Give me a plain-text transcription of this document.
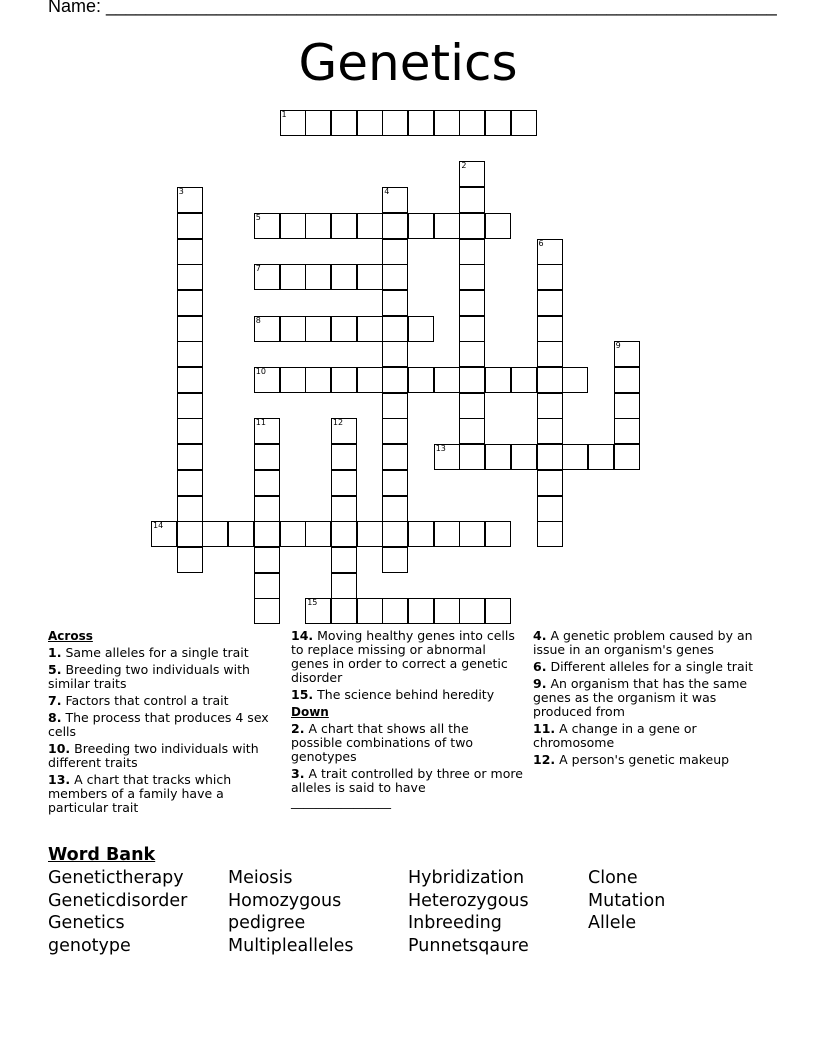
Name: ___________________________________________________________________
Genetics
1
5
7
8
10
13
14
15
2
3	4
6
9
11	12
Across
1. Same alleles for a single trait
5. Breeding two individuals with similar traits
7. Factors that control a trait
8. The process that produces 4 sex cells
10. Breeding two individuals with different traits
13. A chart that tracks which members of a family have a particular trait
14. Moving healthy genes into cells to replace missing or abnormal genes in order to correct a genetic disorder
15. The science behind heredity
Down
2. A chart that shows all the possible combinations of two genotypes
3. A trait controlled by three or more alleles is said to have ________________
4. A genetic problem caused by an issue in an organism's genes
6. Different alleles for a single trait
9. An organism that has the same genes as the organism it was produced from
11. A change in a gene or chromosome
12. A person's genetic makeup
Word Bank
Genetictherapy
Geneticdisorder
Genetics
genotype
Meiosis
Homozygous
pedigree
Multiplealleles
Hybridization
Heterozygous
Inbreeding
Punnetsqaure
Clone
Mutation
Allele
